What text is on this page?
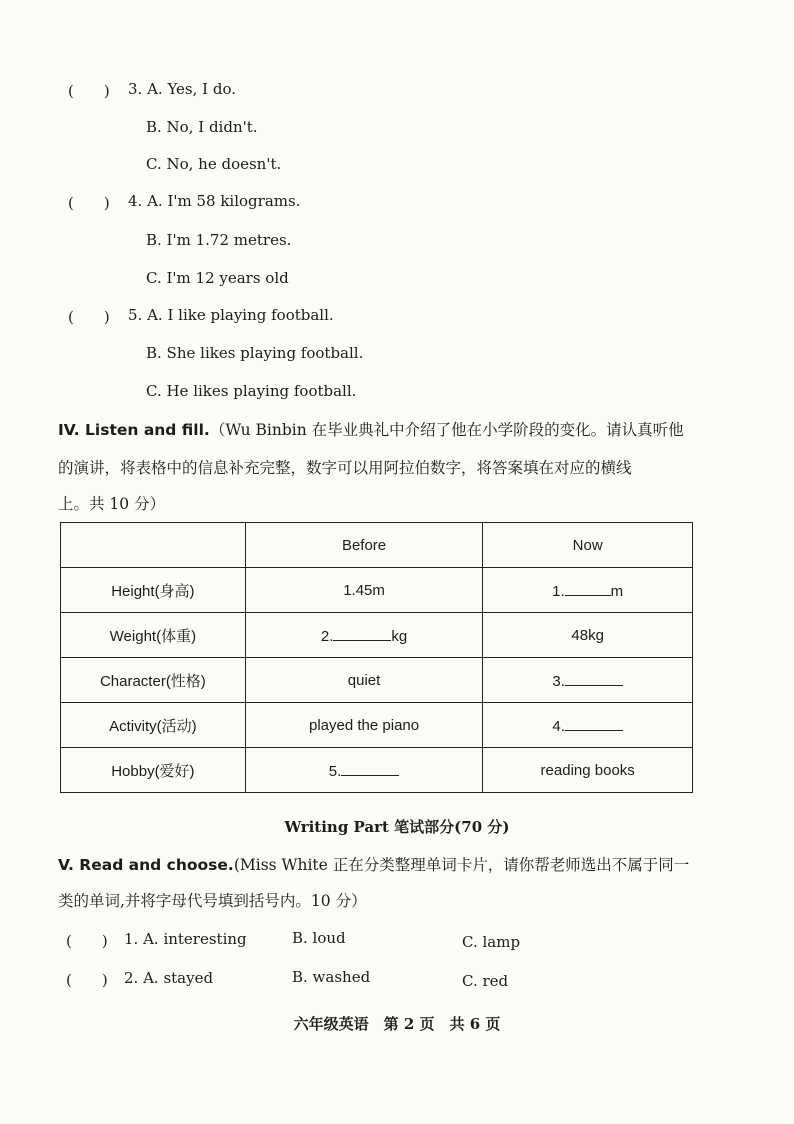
(　　) 3. A. Yes, I do.
B. No, I didn't.
C. No, he doesn't.
(　　) 4. A. I'm 58 kilograms.
B. I'm 1.72 metres.
C. I'm 12 years old
(　　) 5. A. I like playing football.
B. She likes playing football.
C. He likes playing football.
IV. Listen and fill.（Wu Binbin 在毕业典礼中介绍了他在小学阶段的变化。请认真听他
的演讲，将表格中的信息补充完整，数字可以用阿拉伯数字，将答案填在对应的横线
上。共 10 分）
	Before	Now
Height(身高)	1.45m	1. m
Weight(体重)	2. kg	48kg
Character(性格)	quiet	3.
Activity(活动)	played the piano	4.
Hobby(爱好)	5.	reading books
Writing Part 笔试部分(70 分)
V. Read and choose.(Miss White 正在分类整理单词卡片，请你帮老师选出不属于同一
类的单词,并将字母代号填到括号内。10 分）
(　　) 1. A. interesting	B. loud	C. lamp
(　　) 2. A. stayed	B. washed	C. red
六年级英语　第 2 页　共 6 页
